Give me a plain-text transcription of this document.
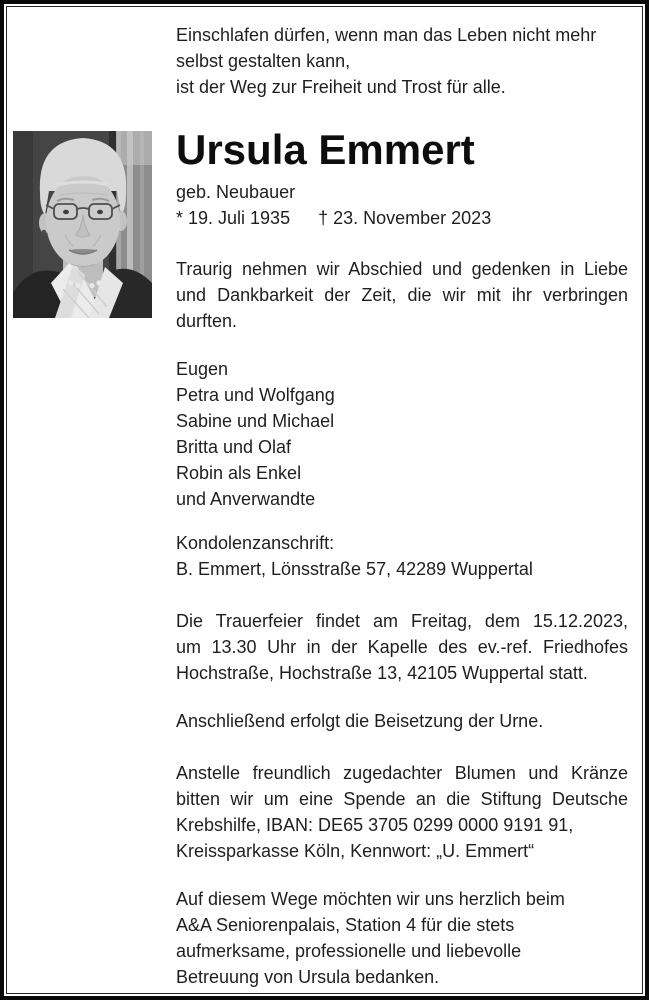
Einschlafen dürfen, wenn man das Leben nicht mehr
selbst gestalten kann,
ist der Weg zur Freiheit und Trost für alle.
Ursula Emmert
geb. Neubauer
* 19. Juli 1935 † 23. November 2023
Traurig nehmen wir Abschied und gedenken in Liebe
und Dankbarkeit der Zeit, die wir mit ihr verbringen
durften.
Eugen
Petra und Wolfgang
Sabine und Michael
Britta und Olaf
Robin als Enkel
und Anverwandte
Kondolenzanschrift:
B. Emmert, Lönsstraße 57, 42289 Wuppertal
Die Trauerfeier findet am Freitag, dem 15.12.2023,
um 13.30 Uhr in der Kapelle des ev.-ref. Friedhofes
Hochstraße, Hochstraße 13, 42105 Wuppertal statt.
Anschließend erfolgt die Beisetzung der Urne.
Anstelle freundlich zugedachter Blumen und Kränze
bitten wir um eine Spende an die Stiftung Deutsche
Krebshilfe, IBAN: DE65 3705 0299 0000 9191 91,
Kreissparkasse Köln, Kennwort: „U. Emmert“
Auf diesem Wege möchten wir uns herzlich beim
A&A Seniorenpalais, Station 4 für die stets
aufmerksame, professionelle und liebevolle
Betreuung von Ursula bedanken.
